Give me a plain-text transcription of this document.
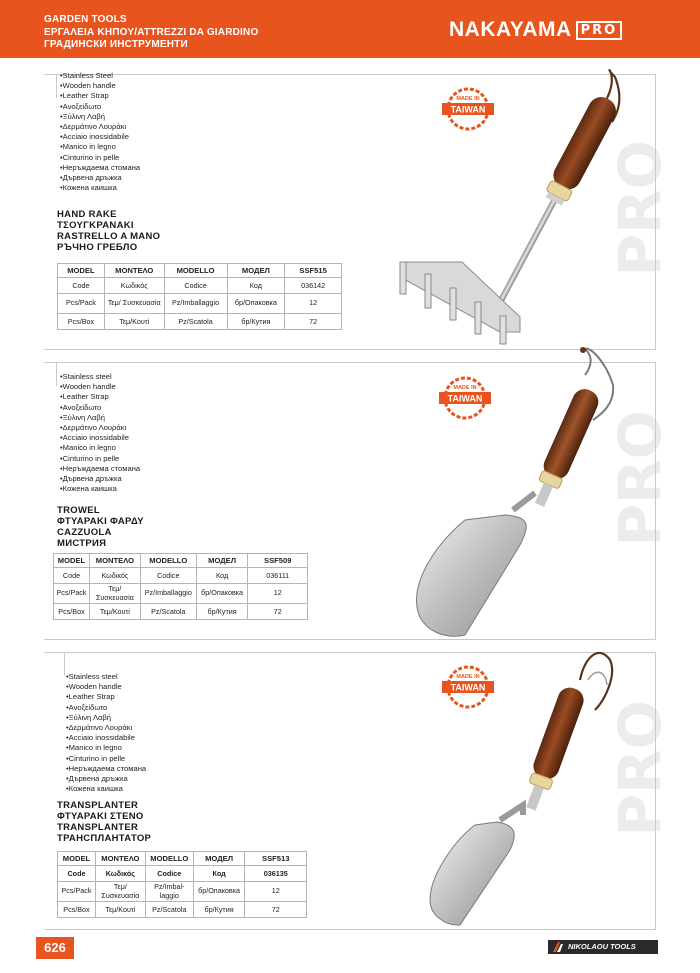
GARDEN TOOLS
ΕΡΓΑΛΕΙΑ ΚΗΠΟΥ/ATTREZZI DA GIARDINO
ГРАДИНСКИ ИНСТРУМЕНТИ
NAKAYAMA PRO
PRO
PRO
PRO
• Stainless Steel
• Wooden handle
• Leather Strap
• Ανοξείδωτο
• Ξύλινη Λαβή
• Δερμάτινο Λουράκι
• Acciaio inossidabile
• Manico in legno
• Cinturino in pelle
• Неръждаема стомана
• Дървена дръжка
• Кожена каишка
HAND RAKE
ΤΣΟΥΓΚΡΑΝΑΚΙ
RASTRELLO A MANO
РЪЧНО ГРЕБЛО
MODEL	ΜΟΝΤΕΛΟ	MODELLO	МОДЕЛ	SSF515
Code	Κωδικός	Codice	Код	036142
Pcs/Pack	Τεμ/ Συσκευασία	Pz/Imballaggio	бр/Опаковка	12
Pcs/Box	Τεμ/Κουτί	Pz/Scatola	бр/Кутия	72
MADE IN
TAIWAN
• Stainless steel
• Wooden handle
• Leather Strap
• Ανοξείδωτο
• Ξύλινη Λαβή
• Δερμάτινο Λουράκι
• Acciaio inossidabile
• Manico in legno
• Cinturino in pelle
• Неръждаема стомана
• Дървена дръжка
• Кожена каишка
TROWEL
ΦΤΥΑΡΑΚΙ ΦΑΡΔΥ
CAZZUOLA
МИСТРИЯ
MODEL	ΜΟΝΤΕΛΟ	MODELLO	МОДЕЛ	SSF509
Code	Κωδικός	Codice	Код	036111
Pcs/Pack	Τεμ/ Συσκευασία	Pz/Imballaggio	бр/Опаковка	12
Pcs/Box	Τεμ/Κουτί	Pz/Scatola	бр/Кутия	72
MADE IN
TAIWAN
• Stainless steel
• Wooden handle
• Leather Strap
• Ανοξείδωτο
• Ξύλινη Λαβή
• Δερμάτινο Λουράκι
• Acciaio inossidabile
• Manico in legno
• Cinturino in pelle
• Неръждаема стомана
• Дървена дръжка
• Кожена каишка
TRANSPLANTER
ΦΤΥΑΡΑΚΙ ΣΤΕΝΟ
TRANSPLANTER
ТРАНСПЛАНТАТОР
MODEL	ΜΟΝΤΕΛΟ	MODELLO	МОДЕЛ	SSF513
Code	Κωδικός	Codice	Код	036135
Pcs/Pack	Τεμ/ Συσκευασία	Pz/Imbal- laggio	бр/Опаковка	12
Pcs/Box	Τεμ/Κουτί	Pz/Scatola	бр/Кутия	72
MADE IN
TAIWAN
626	NIKOLAOU TOOLS
